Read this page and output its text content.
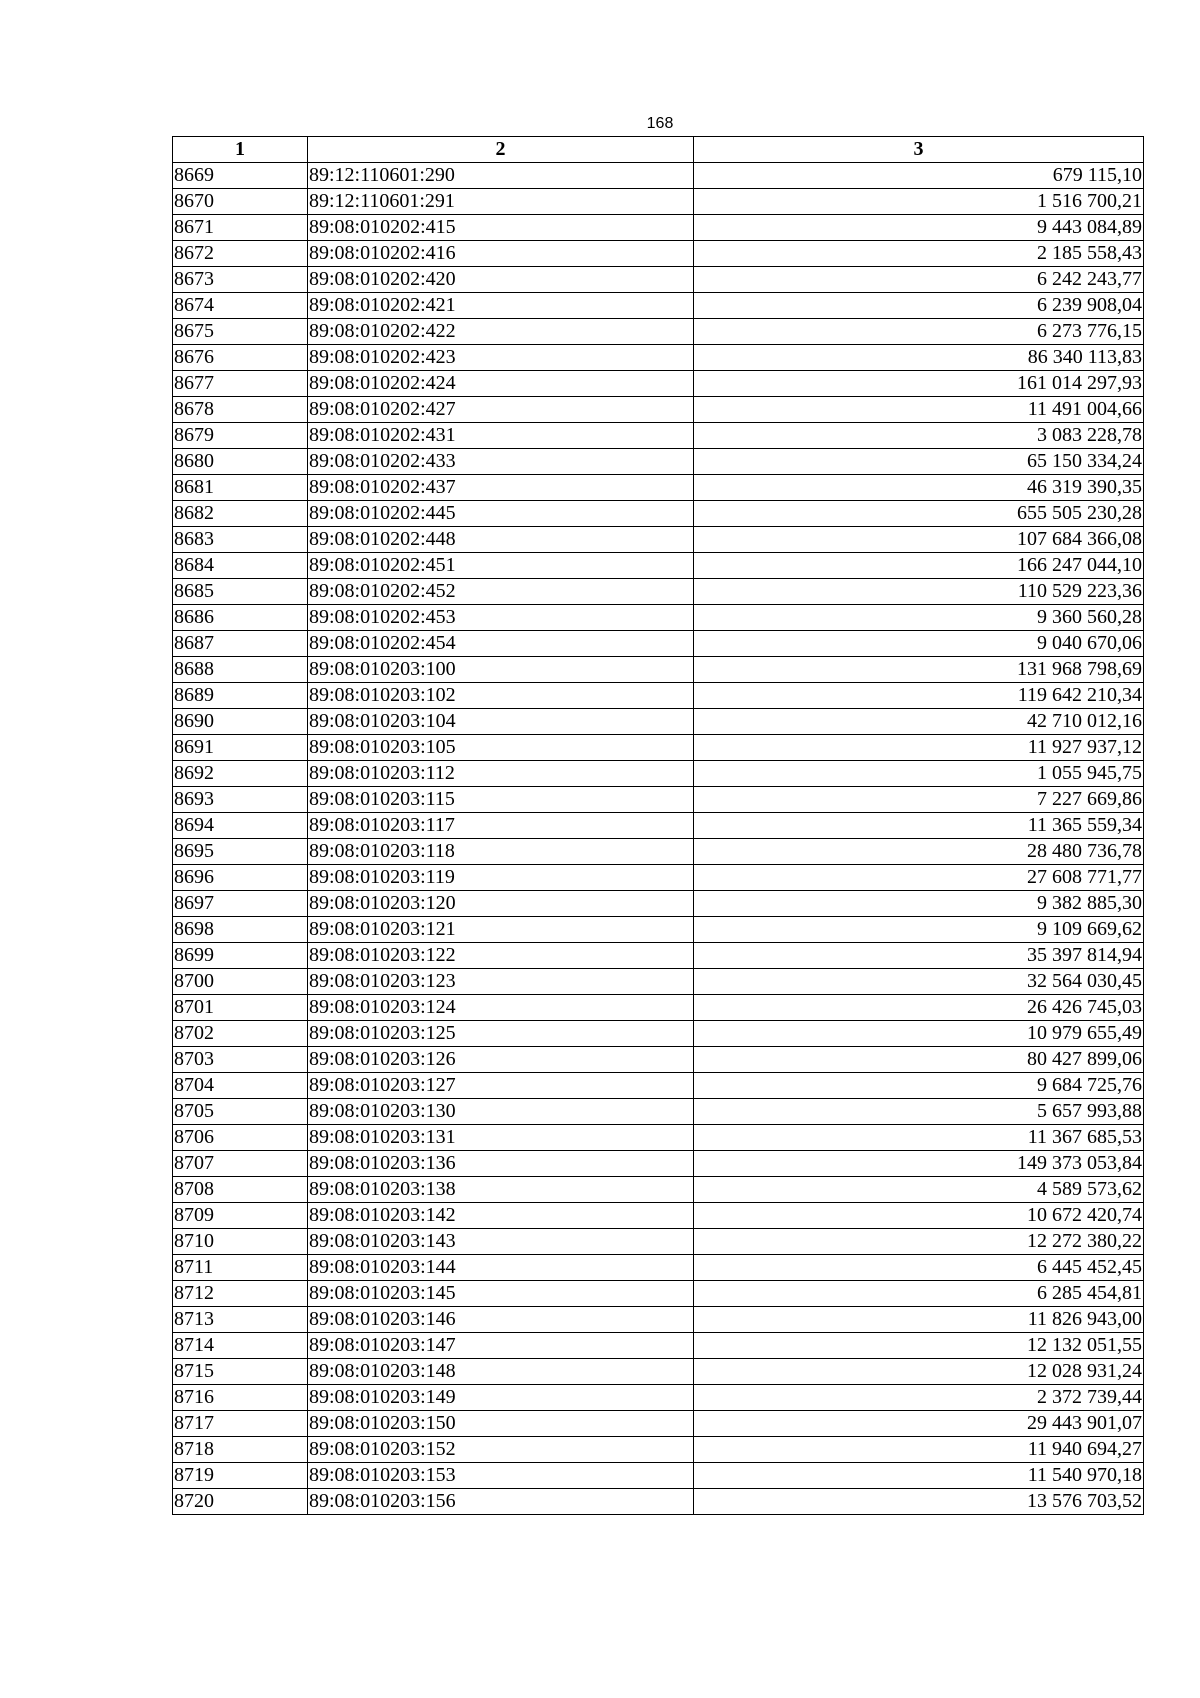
168
1	2	3
8669	89:12:110601:290	679 115,10
8670	89:12:110601:291	1 516 700,21
8671	89:08:010202:415	9 443 084,89
8672	89:08:010202:416	2 185 558,43
8673	89:08:010202:420	6 242 243,77
8674	89:08:010202:421	6 239 908,04
8675	89:08:010202:422	6 273 776,15
8676	89:08:010202:423	86 340 113,83
8677	89:08:010202:424	161 014 297,93
8678	89:08:010202:427	11 491 004,66
8679	89:08:010202:431	3 083 228,78
8680	89:08:010202:433	65 150 334,24
8681	89:08:010202:437	46 319 390,35
8682	89:08:010202:445	655 505 230,28
8683	89:08:010202:448	107 684 366,08
8684	89:08:010202:451	166 247 044,10
8685	89:08:010202:452	110 529 223,36
8686	89:08:010202:453	9 360 560,28
8687	89:08:010202:454	9 040 670,06
8688	89:08:010203:100	131 968 798,69
8689	89:08:010203:102	119 642 210,34
8690	89:08:010203:104	42 710 012,16
8691	89:08:010203:105	11 927 937,12
8692	89:08:010203:112	1 055 945,75
8693	89:08:010203:115	7 227 669,86
8694	89:08:010203:117	11 365 559,34
8695	89:08:010203:118	28 480 736,78
8696	89:08:010203:119	27 608 771,77
8697	89:08:010203:120	9 382 885,30
8698	89:08:010203:121	9 109 669,62
8699	89:08:010203:122	35 397 814,94
8700	89:08:010203:123	32 564 030,45
8701	89:08:010203:124	26 426 745,03
8702	89:08:010203:125	10 979 655,49
8703	89:08:010203:126	80 427 899,06
8704	89:08:010203:127	9 684 725,76
8705	89:08:010203:130	5 657 993,88
8706	89:08:010203:131	11 367 685,53
8707	89:08:010203:136	149 373 053,84
8708	89:08:010203:138	4 589 573,62
8709	89:08:010203:142	10 672 420,74
8710	89:08:010203:143	12 272 380,22
8711	89:08:010203:144	6 445 452,45
8712	89:08:010203:145	6 285 454,81
8713	89:08:010203:146	11 826 943,00
8714	89:08:010203:147	12 132 051,55
8715	89:08:010203:148	12 028 931,24
8716	89:08:010203:149	2 372 739,44
8717	89:08:010203:150	29 443 901,07
8718	89:08:010203:152	11 940 694,27
8719	89:08:010203:153	11 540 970,18
8720	89:08:010203:156	13 576 703,52
